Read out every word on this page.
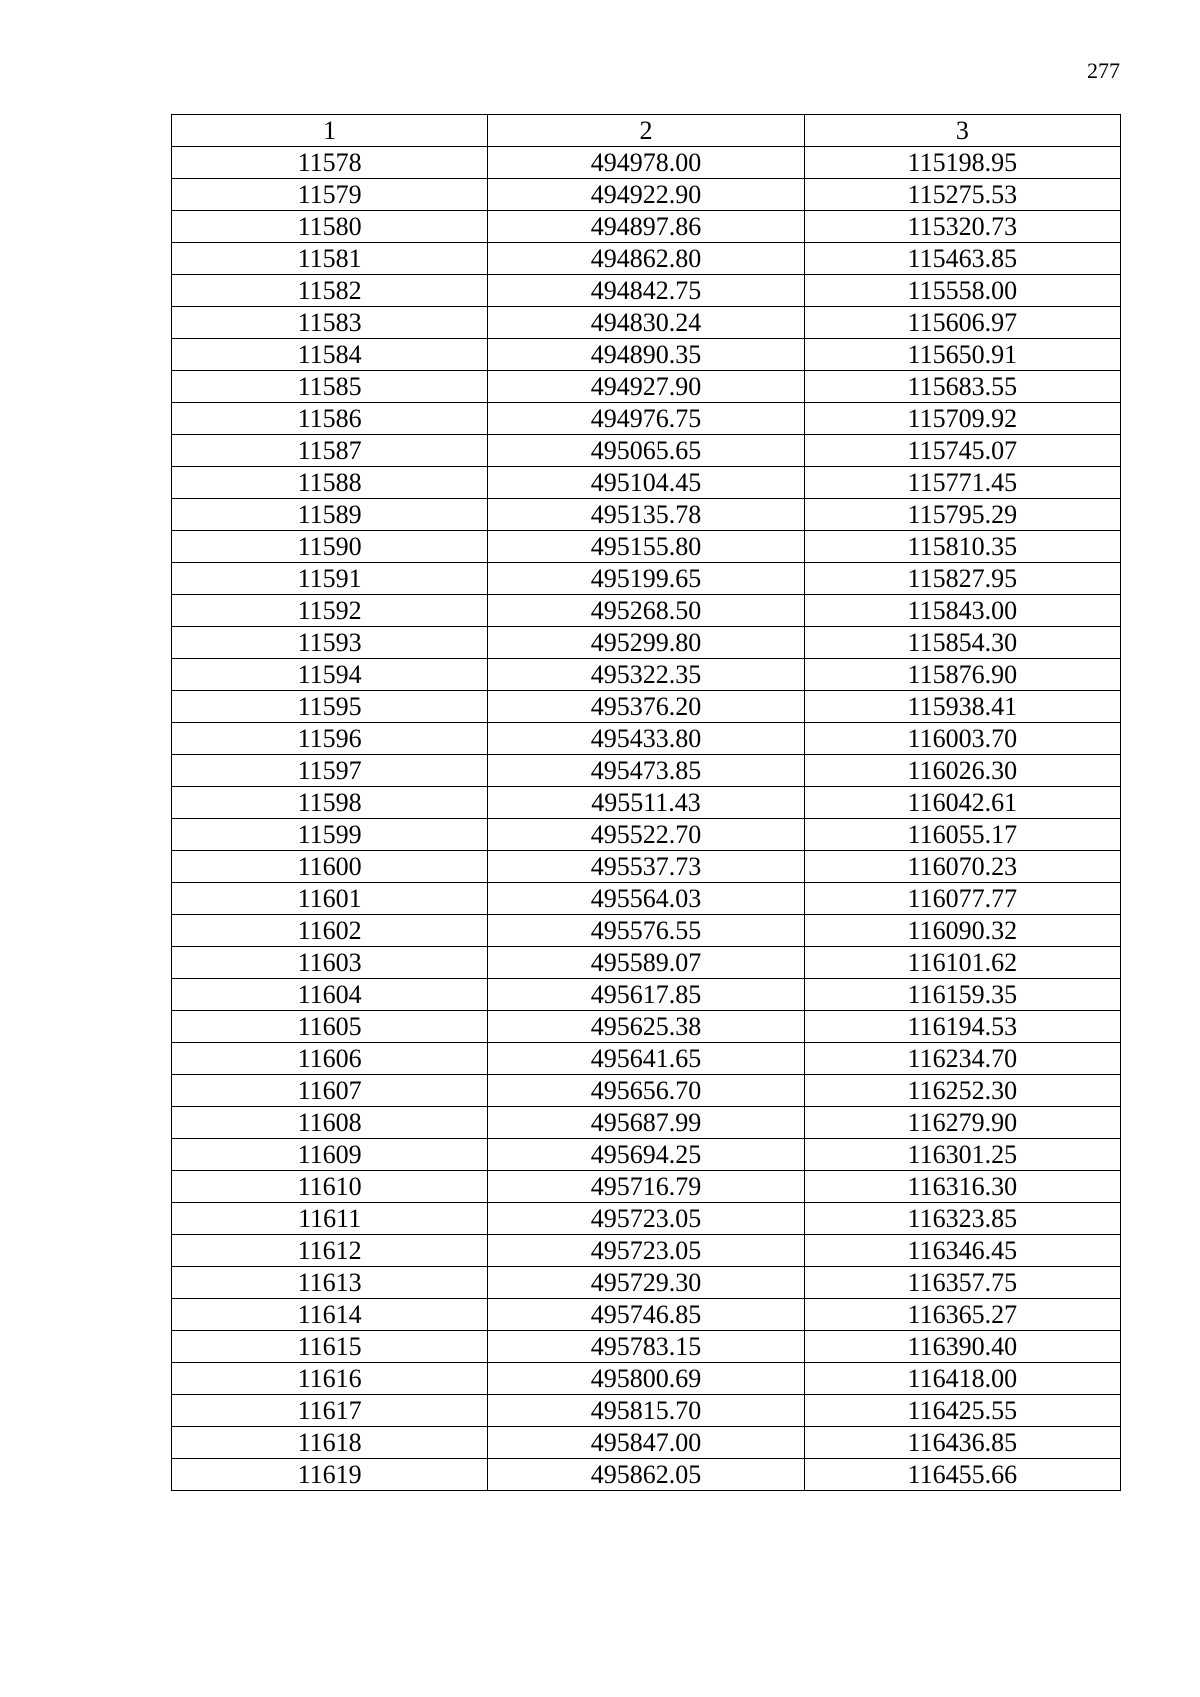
277
1	2	3
11578	494978.00	115198.95
11579	494922.90	115275.53
11580	494897.86	115320.73
11581	494862.80	115463.85
11582	494842.75	115558.00
11583	494830.24	115606.97
11584	494890.35	115650.91
11585	494927.90	115683.55
11586	494976.75	115709.92
11587	495065.65	115745.07
11588	495104.45	115771.45
11589	495135.78	115795.29
11590	495155.80	115810.35
11591	495199.65	115827.95
11592	495268.50	115843.00
11593	495299.80	115854.30
11594	495322.35	115876.90
11595	495376.20	115938.41
11596	495433.80	116003.70
11597	495473.85	116026.30
11598	495511.43	116042.61
11599	495522.70	116055.17
11600	495537.73	116070.23
11601	495564.03	116077.77
11602	495576.55	116090.32
11603	495589.07	116101.62
11604	495617.85	116159.35
11605	495625.38	116194.53
11606	495641.65	116234.70
11607	495656.70	116252.30
11608	495687.99	116279.90
11609	495694.25	116301.25
11610	495716.79	116316.30
11611	495723.05	116323.85
11612	495723.05	116346.45
11613	495729.30	116357.75
11614	495746.85	116365.27
11615	495783.15	116390.40
11616	495800.69	116418.00
11617	495815.70	116425.55
11618	495847.00	116436.85
11619	495862.05	116455.66
